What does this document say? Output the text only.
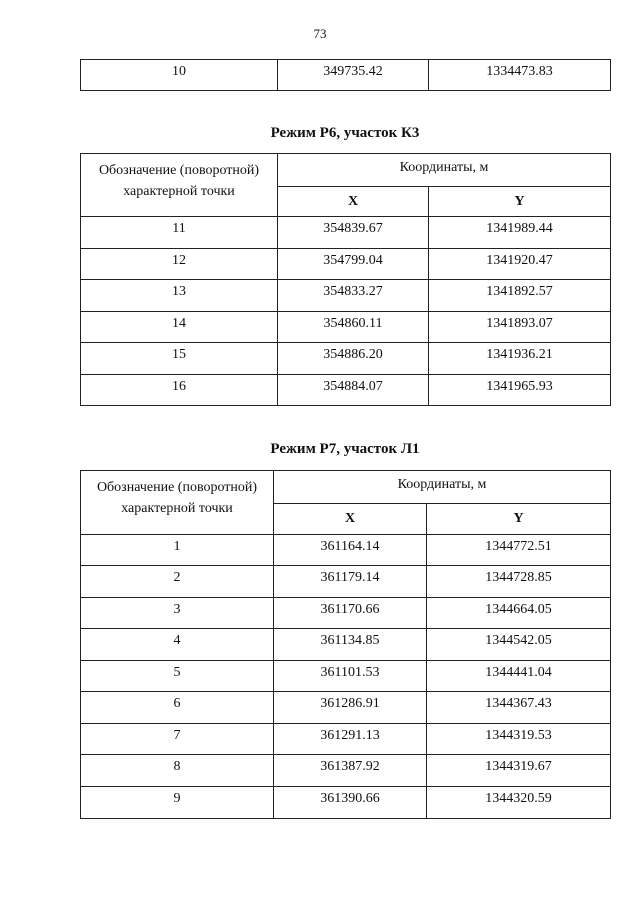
73
10	349735.42	1334473.83
Режим Р6, участок К3
Обозначение (поворотной) характерной точки	Координаты, м	
	X	Y
11	354839.67	1341989.44
12	354799.04	1341920.47
13	354833.27	1341892.57
14	354860.11	1341893.07
15	354886.20	1341936.21
16	354884.07	1341965.93
Режим Р7, участок Л1
Обозначение (поворотной) характерной точки	Координаты, м	
	X	Y
1	361164.14	1344772.51
2	361179.14	1344728.85
3	361170.66	1344664.05
4	361134.85	1344542.05
5	361101.53	1344441.04
6	361286.91	1344367.43
7	361291.13	1344319.53
8	361387.92	1344319.67
9	361390.66	1344320.59
